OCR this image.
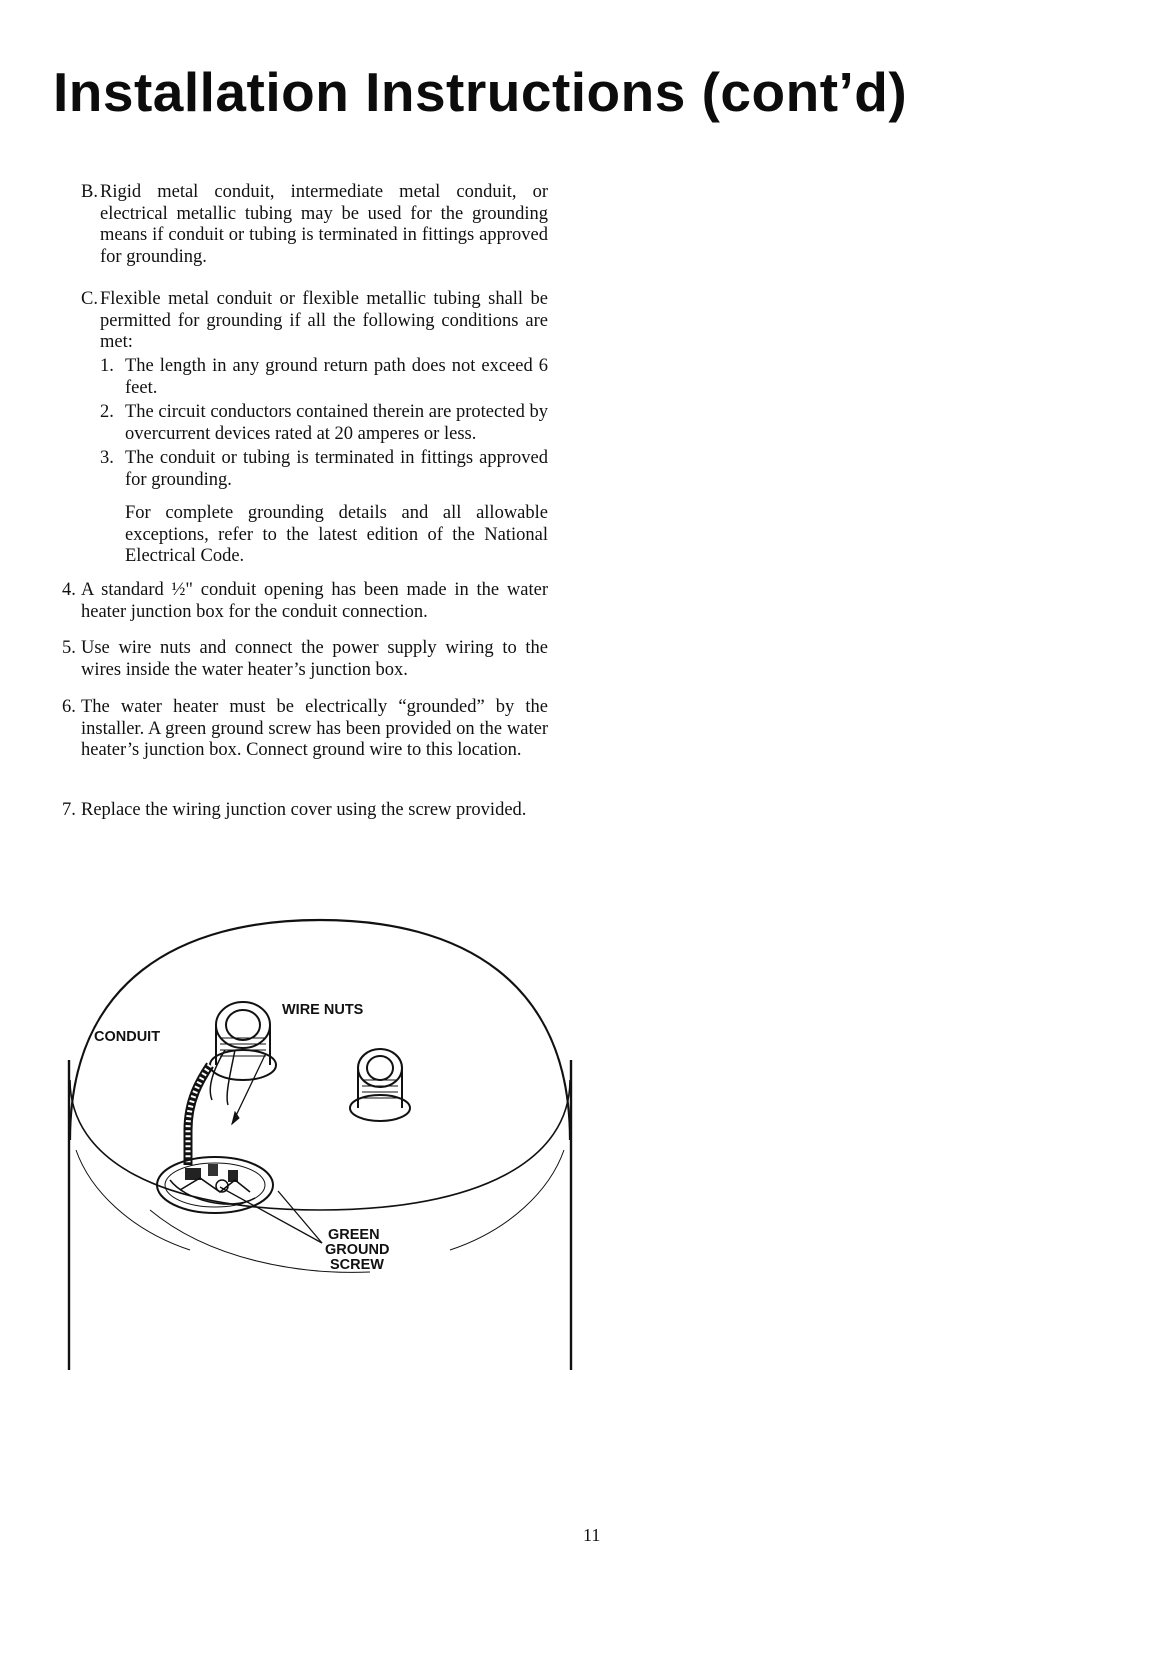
Installation Instructions (cont’d)
B. Rigid metal conduit, intermediate metal conduit, or electrical metallic tubing may be used for the grounding means if conduit or tubing is terminated in fittings approved for grounding.

C. Flexible metal conduit or flexible metallic tubing shall be permitted for grounding if all the following conditions are met:

1. The length in any ground return path does not exceed 6 feet.

2. The circuit conductors contained therein are protected by overcurrent devices rated at 20 amperes or less.

3. The conduit or tubing is terminated in fittings approved for grounding.

For complete grounding details and all allowable exceptions, refer to the latest edition of the National Electrical Code.

4. A standard ½" conduit opening has been made in the water heater junction box for the conduit connection.

5. Use wire nuts and connect the power supply wiring to the wires inside the water heater’s junction box.

6. The water heater must be electrically “grounded” by the installer. A green ground screw has been provided on the water heater’s junction box. Connect ground wire to this location.

7. Replace the wiring junction cover using the screw provided.

WIRE NUTS
CONDUIT
GREEN
GROUND
SCREW
11
